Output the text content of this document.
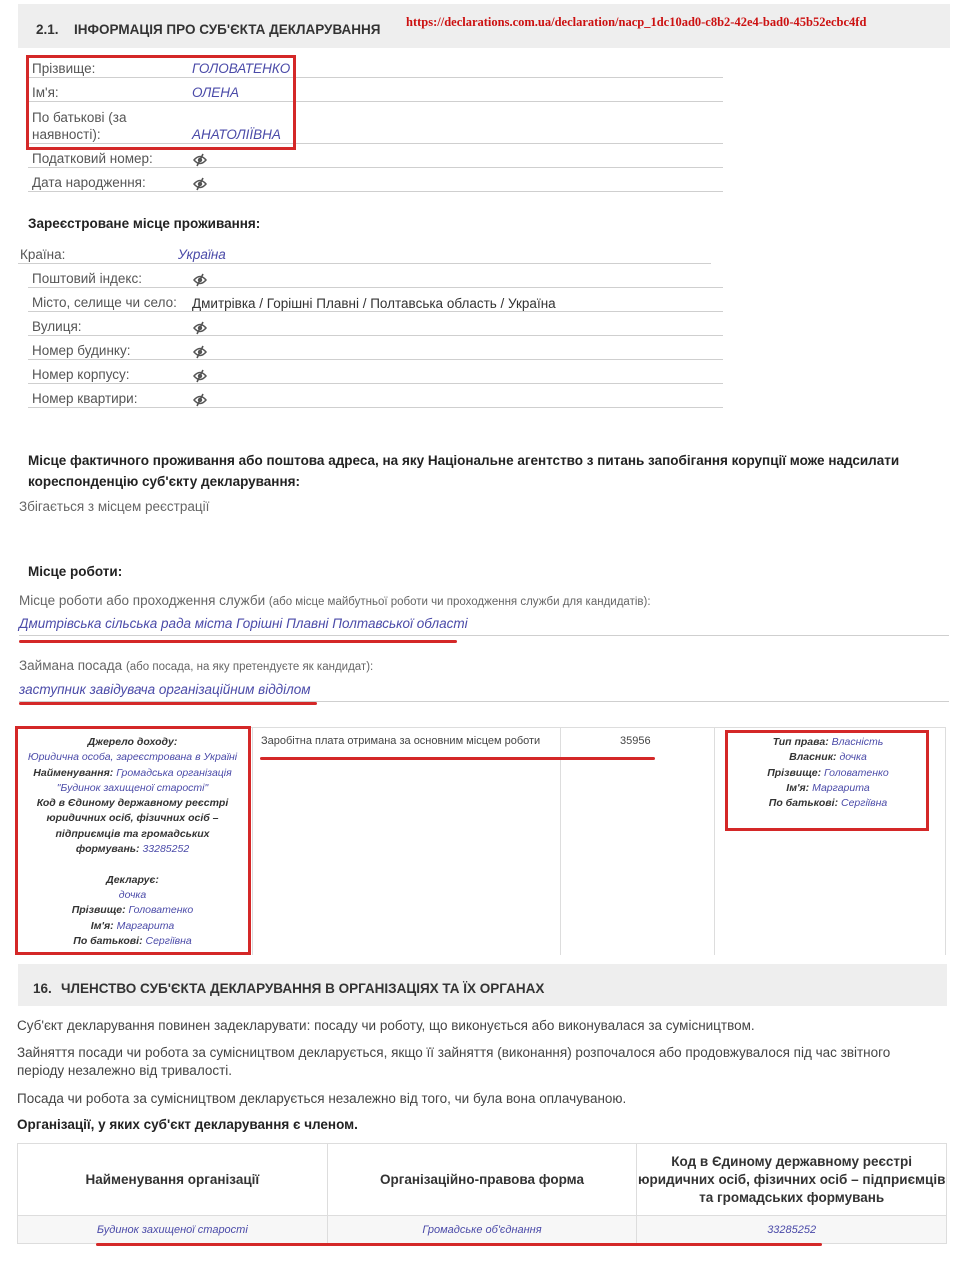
2.1. ІНФОРМАЦІЯ ПРО СУБ'ЄКТА ДЕКЛАРУВАННЯ https://declarations.com.ua/declaration/nacp_1dc10ad0-c8b2-42e4-bad0-45b52ecbc4fd
Прізвище:	ГОЛОВАТЕНКО
Ім'я:	ОЛЕНА
По батькові (за
наявності):	АНАТОЛІЇВНА
Податковий номер:
Дата народження:
Зареєстроване місце проживання:
Країна:	Україна
Поштовий індекс:
Місто, селище чи село:	Дмитрівка / Горішні Плавні / Полтавська область / Україна
Вулиця:
Номер будинку:
Номер корпусу:
Номер квартири:
Місце фактичного проживання або поштова адреса, на яку Національне агентство з питань запобігання корупції може надсилати
кореспонденцію суб'єкту декларування:
Збігається з місцем реєстрації
Місце роботи:
Місце роботи або проходження служби (або місце майбутньої роботи чи проходження служби для кандидатів):
Дмитрівська сільська рада міста Горішні Плавні Полтавської області
Займана посада (або посада, на яку претендуєте як кандидат):
заступник завідувача організаційним відділом
Джерело доходу:
Юридична особа, зареєстрована в Україні
Найменування: Громадська організація
"Будинок захищеної старості"
Код в Єдиному державному реєстрі
юридичних осіб, фізичних осіб –
підприємців та громадських
формувань: 33285252

Декларує:
дочка
Прізвище: Головатенко
Ім'я: Маргарита
По батькові: Сергіївна
Заробітна плата отримана за основним місцем роботи	35956	Тип права: Власність
Власник: дочка
Прізвище: Головатенко
Ім'я: Маргарита
По батькові: Сергіївна
16. ЧЛЕНСТВО СУБ'ЄКТА ДЕКЛАРУВАННЯ В ОРГАНІЗАЦІЯХ ТА ЇХ ОРГАНАХ
Суб'єкт декларування повинен задекларувати: посаду чи роботу, що виконується або виконувалася за сумісництвом.
Зайняття посади чи робота за сумісництвом декларується, якщо її зайняття (виконання) розпочалося або продовжувалося під час звітного
періоду незалежно від тривалості.
Посада чи робота за сумісництвом декларується незалежно від того, чи була вона оплачуваною.
Організації, у яких суб'єкт декларування є членом.
Найменування організації	Організаційно-правова форма	Код в Єдиному державному реєстрі
юридичних осіб, фізичних осіб – підприємців
та громадських формувань
Будинок захищеної старості	Громадське об'єднання	33285252
